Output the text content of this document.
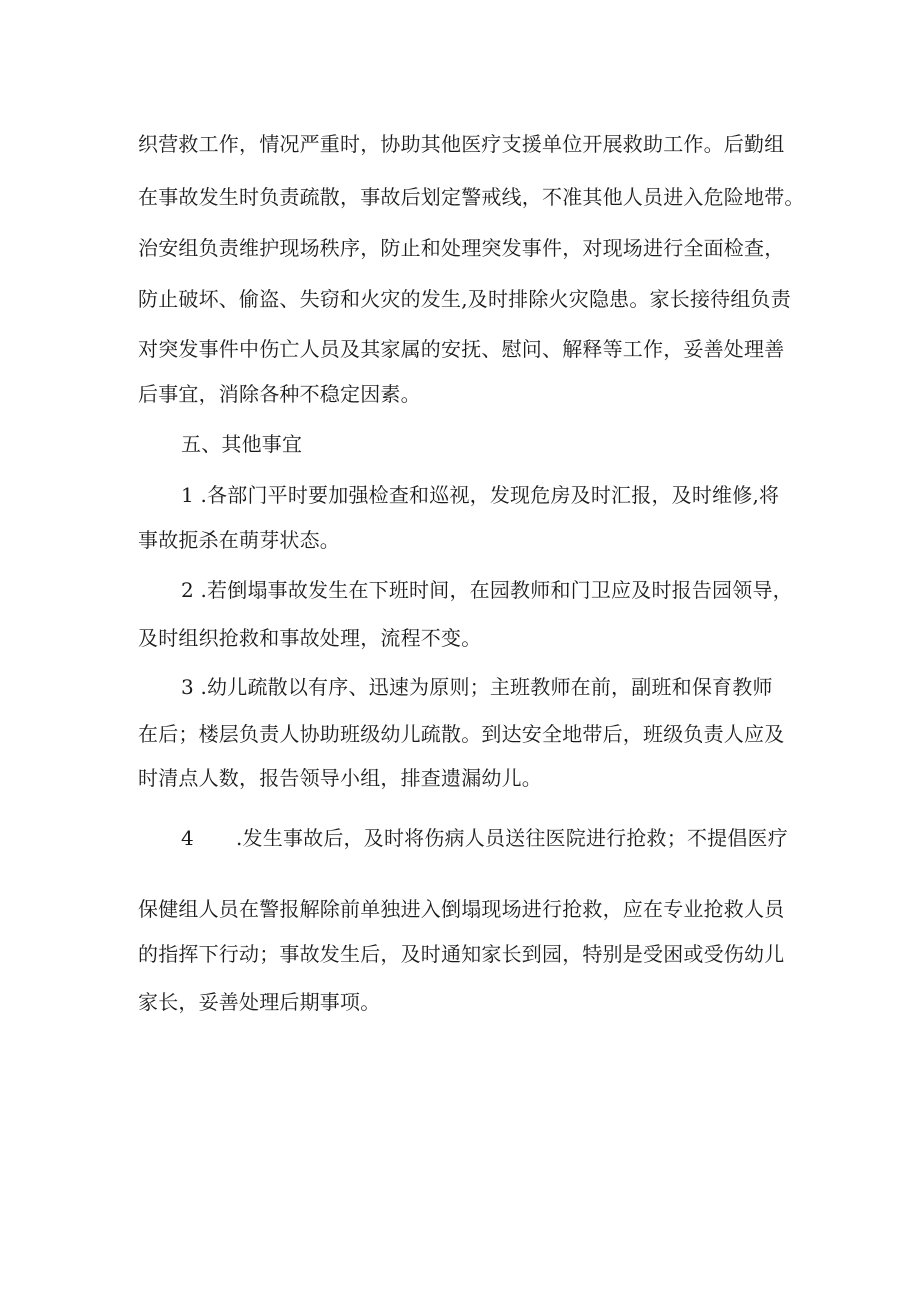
织营救工作，情况严重时，协助其他医疗支援单位开展救助工作。后勤组
在事故发生时负责疏散，事故后划定警戒线，不准其他人员进入危险地带。
治安组负责维护现场秩序，防止和处理突发事件，对现场进行全面检查，
防止破坏、偷盗、失窃和火灾的发生,及时排除火灾隐患。家长接待组负责
对突发事件中伤亡人员及其家属的安抚、慰问、解释等工作，妥善处理善
后事宜，消除各种不稳定因素。
五、其他事宜
1 .各部门平时要加强检查和巡视，发现危房及时汇报，及时维修,将
事故扼杀在萌芽状态。
2 .若倒塌事故发生在下班时间，在园教师和门卫应及时报告园领导，
及时组织抢救和事故处理，流程不变。
3 .幼儿疏散以有序、迅速为原则；主班教师在前，副班和保育教师
在后；楼层负责人协助班级幼儿疏散。到达安全地带后，班级负责人应及
时清点人数，报告领导小组，排查遗漏幼儿。
4 .发生事故后，及时将伤病人员送往医院进行抢救；不提倡医疗
保健组人员在警报解除前单独进入倒塌现场进行抢救，应在专业抢救人员
的指挥下行动；事故发生后，及时通知家长到园，特别是受困或受伤幼儿
家长，妥善处理后期事项。
